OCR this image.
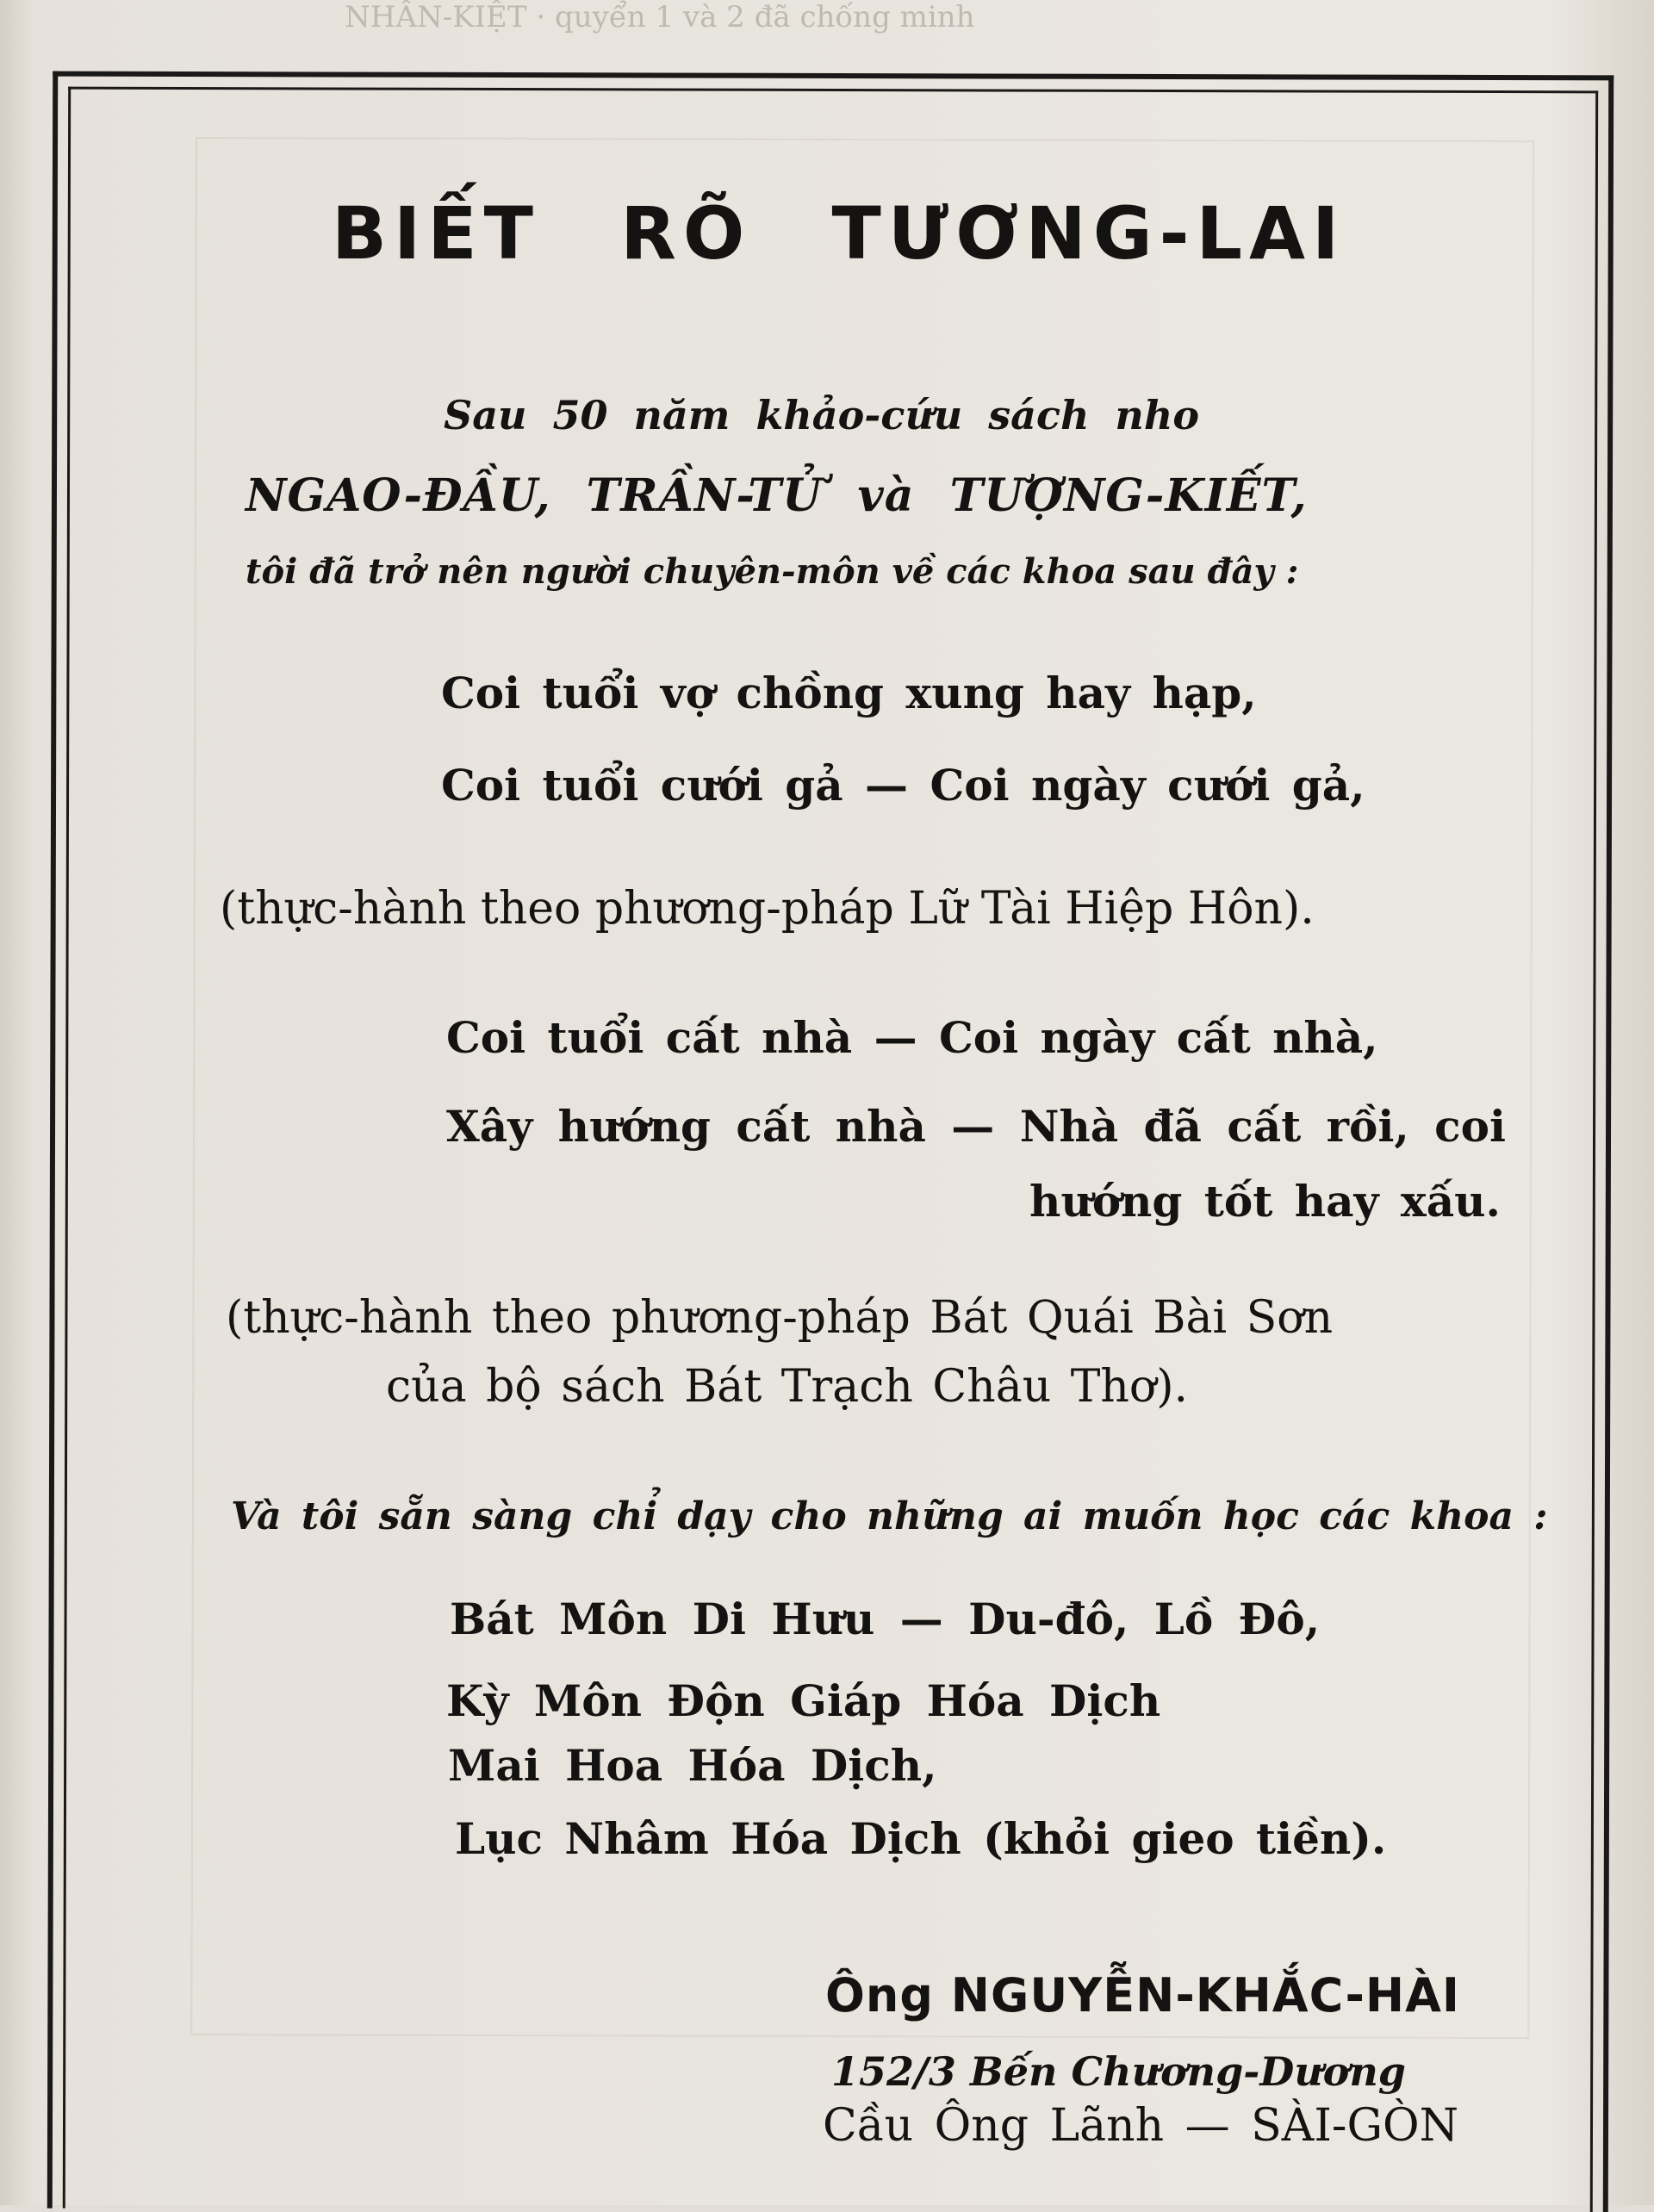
NHÂN-KIỆT · quyển 1 và 2 đã chống minh
BIẾT RÕ TƯƠNG-LAI
Sau 50 năm khảo-cứu sách nho
NGAO-ĐẦU, TRẦN-TỬ và TƯỢNG-KIẾT,
tôi đã trở nên người chuyên-môn về các khoa sau đây :
Coi tuổi vợ chồng xung hay hạp,
Coi tuổi cưới gả — Coi ngày cưới gả,
(thực-hành theo phương-pháp Lữ Tài Hiệp Hôn).
Coi tuổi cất nhà — Coi ngày cất nhà,
Xây hướng cất nhà — Nhà đã cất rồi, coi
hướng tốt hay xấu.
(thực-hành theo phương-pháp Bát Quái Bài Sơn
của bộ sách Bát Trạch Châu Thơ).
Và tôi sẵn sàng chỉ dạy cho những ai muốn học các khoa :
Bát Môn Di Hưu — Du-đô, Lồ Đô,
Kỳ Môn Độn Giáp Hóa Dịch
Mai Hoa Hóa Dịch,
Lục Nhâm Hóa Dịch (khỏi gieo tiền).
Ông NGUYỄN-KHẮC-HÀI
152/3 Bến Chương-Dương
Cầu Ông Lãnh — SÀI-GÒN
